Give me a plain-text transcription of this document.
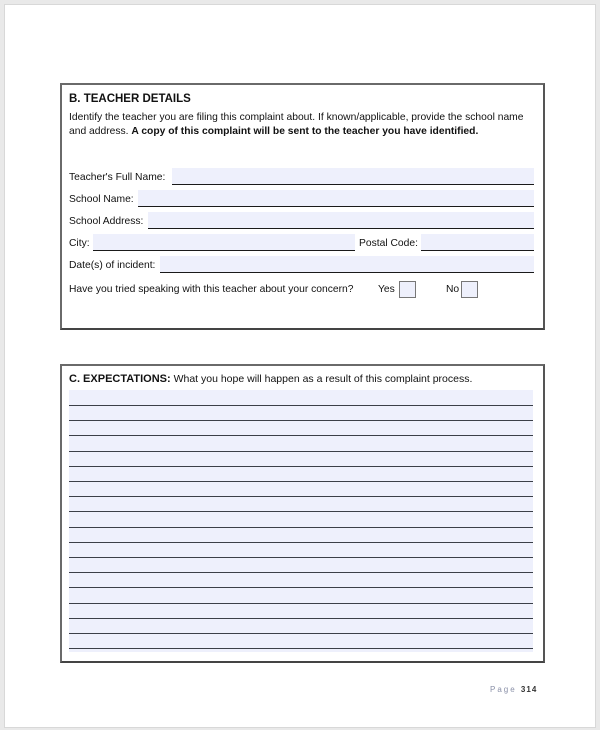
B. TEACHER DETAILS
Identify the teacher you are filing this complaint about. If known/applicable, provide the school name and address. A copy of this complaint will be sent to the teacher you have identified.
Teacher's Full Name:
School Name:
School Address:
City:	Postal Code:
Date(s) of incident:
Have you tried speaking with this teacher about your concern? Yes	No
C. EXPECTATIONS: What you hope will happen as a result of this complaint process.
Page 314
